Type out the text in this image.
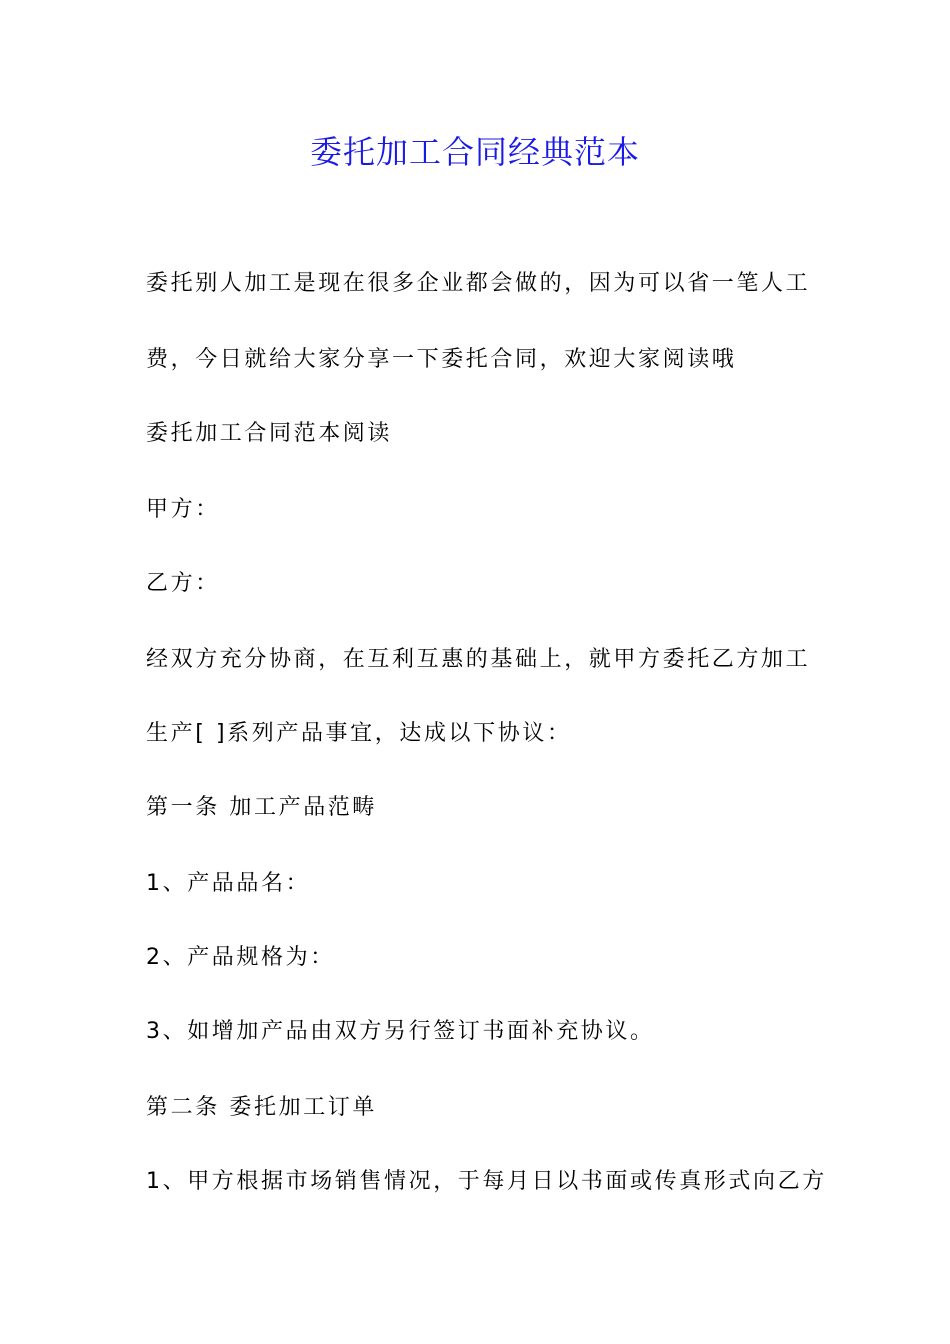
委托加工合同经典范本

委托别人加工是现在很多企业都会做的，因为可以省一笔人工

费，今日就给大家分享一下委托合同，欢迎大家阅读哦

委托加工合同范本阅读

甲方：

乙方：

经双方充分协商，在互利互惠的基础上，就甲方委托乙方加工

生产[ ]系列产品事宜，达成以下协议：

第一条 加工产品范畴

1、产品品名：

2、产品规格为：

3、如增加产品由双方另行签订书面补充协议。

第二条 委托加工订单

1、甲方根据市场销售情况，于每月日以书面或传真形式向乙方
